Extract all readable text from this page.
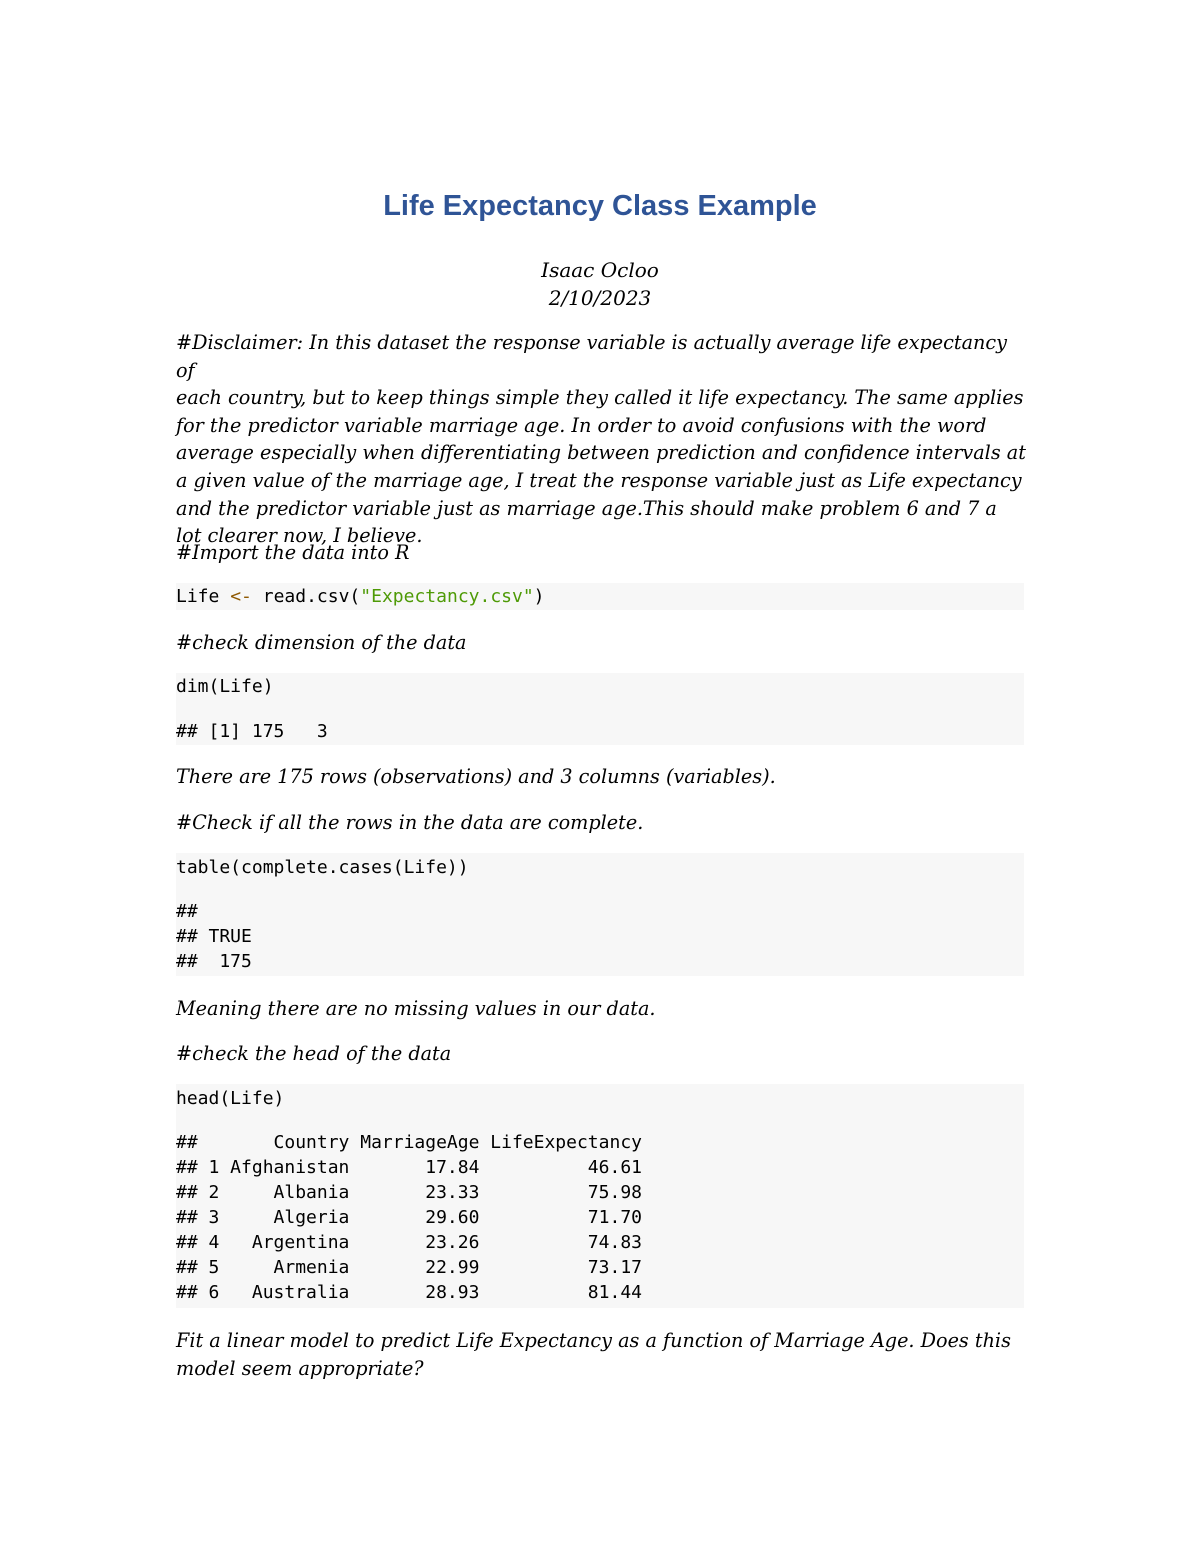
Life Expectancy Class Example
Isaac Ocloo
2/10/2023
#Disclaimer: In this dataset the response variable is actually average life expectancy of
each country, but to keep things simple they called it life expectancy. The same applies
for the predictor variable marriage age. In order to avoid confusions with the word
average especially when differentiating between prediction and confidence intervals at
a given value of the marriage age, I treat the response variable just as Life expectancy
and the predictor variable just as marriage age.This should make problem 6 and 7 a
lot clearer now, I believe.
#Import the data into R
Life <- read.csv("Expectancy.csv")
#check dimension of the data
dim(Life)
## [1] 175   3
There are 175 rows (observations) and 3 columns (variables).
#Check if all the rows in the data are complete.
table(complete.cases(Life))
##
## TRUE
##  175
Meaning there are no missing values in our data.
#check the head of the data
head(Life)
##       Country MarriageAge LifeExpectancy
## 1 Afghanistan       17.84          46.61
## 2     Albania       23.33          75.98
## 3     Algeria       29.60          71.70
## 4   Argentina       23.26          74.83
## 5     Armenia       22.99          73.17
## 6   Australia       28.93          81.44
Fit a linear model to predict Life Expectancy as a function of Marriage Age. Does this
model seem appropriate?
